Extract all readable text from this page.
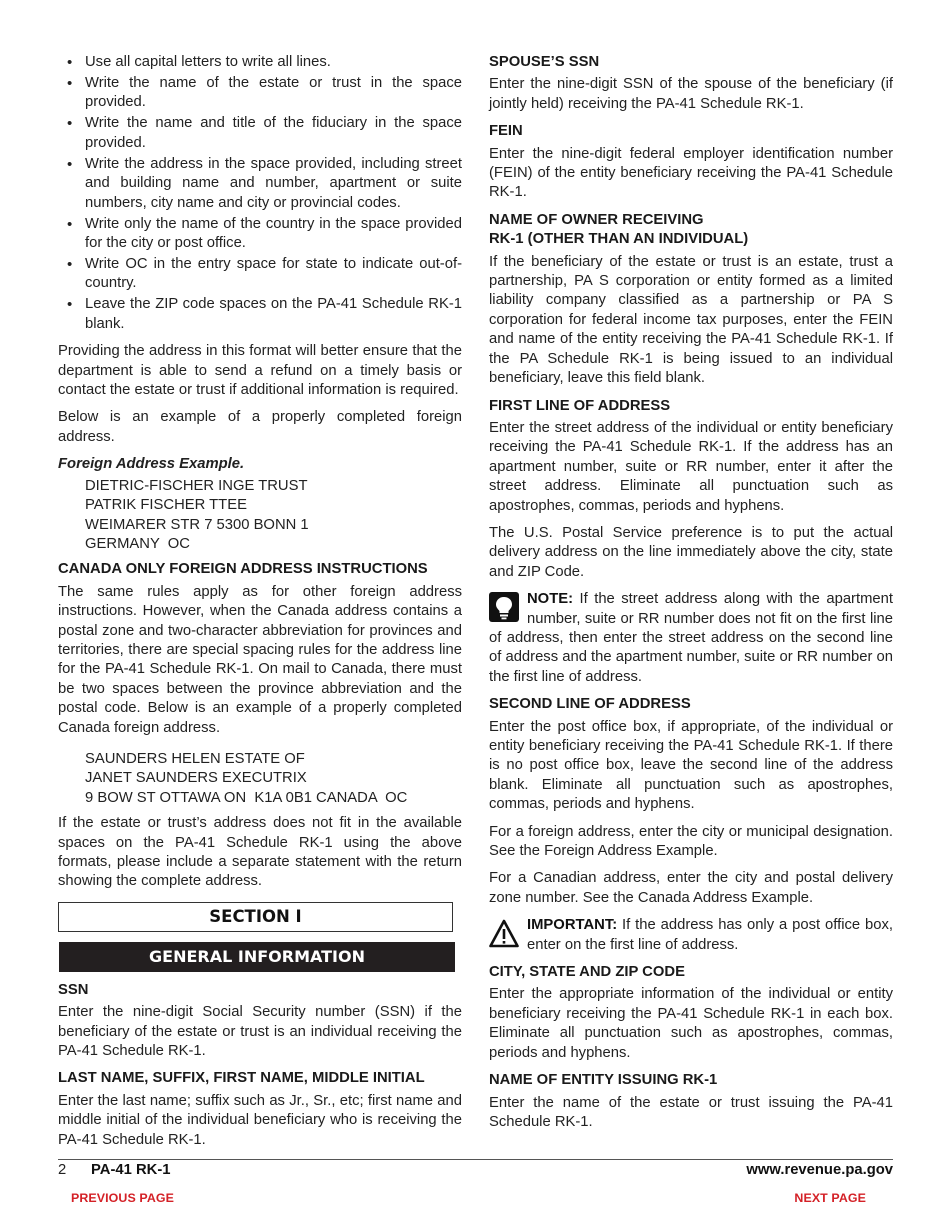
• Use all capital letters to write all lines.
• Write the name of the estate or trust in the space provided.
• Write the name and title of the fiduciary in the space provided.
• Write the address in the space provided, including street and building name and number, apartment or suite numbers, city name and city or provincial codes.
• Write only the name of the country in the space provided for the city or post office.
• Write OC in the entry space for state to indicate out-of-country.
• Leave the ZIP code spaces on the PA-41 Schedule RK-1 blank.

Providing the address in this format will better ensure that the department is able to send a refund on a timely basis or contact the estate or trust if additional information is required.

Below is an example of a properly completed foreign address.

Foreign Address Example.
DIETRIC-FISCHER INGE TRUST
PATRIK FISCHER TTEE
WEIMARER STR 7 5300 BONN 1
GERMANY  OC
CANADA ONLY FOREIGN ADDRESS INSTRUCTIONS

The same rules apply as for other foreign address instructions. However, when the Canada address contains a postal zone and two-character abbreviation for provinces and territories, there are special spacing rules for the address line for the PA-41 Schedule RK-1. On mail to Canada, there must be two spaces between the province abbreviation and the postal code. Below is an example of a properly completed Canada foreign address.

SAUNDERS HELEN ESTATE OF
JANET SAUNDERS EXECUTRIX
9 BOW ST OTTAWA ON  K1A 0B1 CANADA  OC

If the estate or trust’s address does not fit in the available spaces on the PA-41 Schedule RK-1 using the above formats, please include a separate statement with the return showing the complete address.

SECTION I
GENERAL INFORMATION
SSN

Enter the nine-digit Social Security number (SSN) if the beneficiary of the estate or trust is an individual receiving the PA-41 Schedule RK-1.

LAST NAME, SUFFIX, FIRST NAME, MIDDLE INITIAL

Enter the last name; suffix such as Jr., Sr., etc; first name and middle initial of the individual beneficiary who is receiving the PA-41 Schedule RK-1.

SPOUSE’S SSN

Enter the nine-digit SSN of the spouse of the beneficiary (if jointly held) receiving the PA-41 Schedule RK-1.

FEIN

Enter the nine-digit federal employer identification number (FEIN) of the entity beneficiary receiving the PA-41 Schedule RK-1.

NAME OF OWNER RECEIVING
RK-1 (OTHER THAN AN INDIVIDUAL)

If the beneficiary of the estate or trust is an estate, trust a partnership, PA S corporation or entity formed as a limited liability company classified as a partnership or PA S corporation for federal income tax purposes, enter the FEIN and name of the entity receiving the PA-41 Schedule RK-1. If the PA Schedule RK-1 is being issued to an individual beneficiary, leave this field blank.

FIRST LINE OF ADDRESS

Enter the street address of the individual or entity beneficiary receiving the PA-41 Schedule RK-1. If the address has an apartment number, suite or RR number, enter it after the street address. Eliminate all punctuation such as apostrophes, commas, periods and hyphens.

The U.S. Postal Service preference is to put the actual delivery address on the line immediately above the city, state and ZIP Code.

NOTE: If the street address along with the apartment number, suite or RR number does not fit on the first line of address, then enter the street address on the second line of address and the apartment number, suite or RR number on the first line of address.
SECOND LINE OF ADDRESS

Enter the post office box, if appropriate, of the individual or entity beneficiary receiving the PA-41 Schedule RK-1. If there is no post office box, leave the second line of the address blank. Eliminate all punctuation such as apostrophes, commas, periods and hyphens.

For a foreign address, enter the city or municipal designation. See the Foreign Address Example.

For a Canadian address, enter the city and postal delivery zone number. See the Canada Address Example.

IMPORTANT: If the address has only a post office box, enter on the first line of address.
CITY, STATE AND ZIP CODE

Enter the appropriate information of the individual or entity beneficiary receiving the PA-41 Schedule RK-1 in each box. Eliminate all punctuation such as apostrophes, commas, periods and hyphens.

NAME OF ENTITY ISSUING RK-1

Enter the name of the estate or trust issuing the PA-41 Schedule RK-1.

2 PA-41 RK-1	www.revenue.pa.gov
PREVIOUS PAGE	NEXT PAGE
